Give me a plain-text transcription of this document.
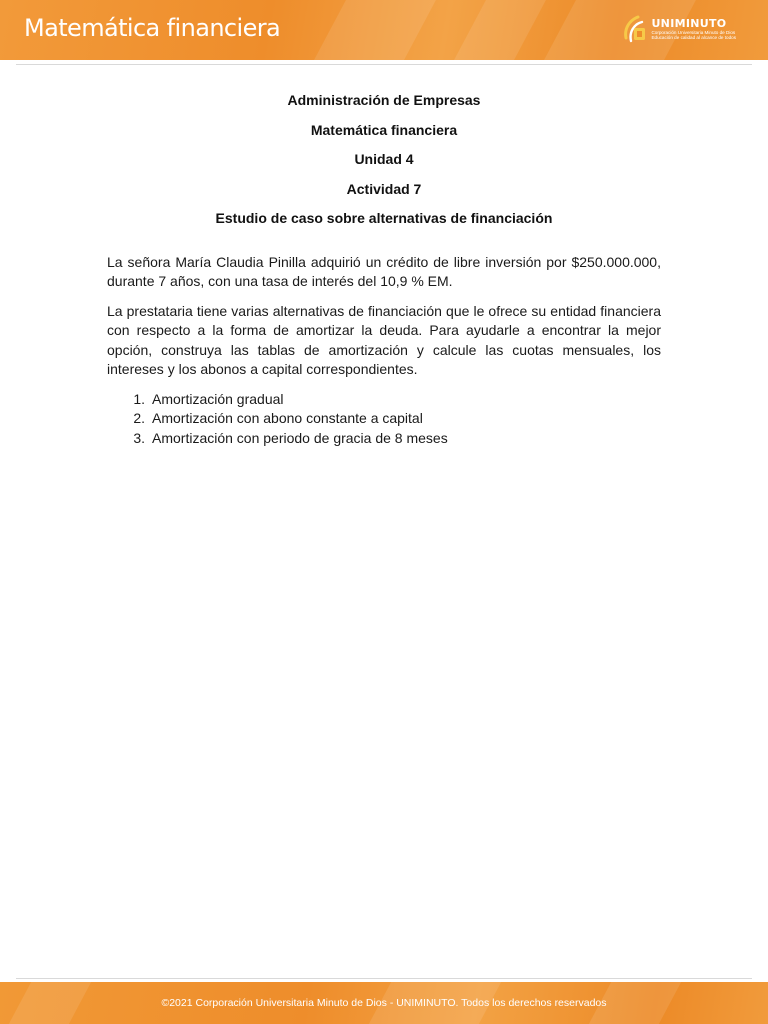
Matemática financiera	UNIMINUTO
Corporación Universitaria Minuto de Dios
Educación de calidad al alcance de todos
Administración de Empresas
Matemática financiera
Unidad 4
Actividad 7
Estudio de caso sobre alternativas de financiación

La señora María Claudia Pinilla adquirió un crédito de libre inversión por $250.000.000, durante 7 años, con una tasa de interés del 10,9 % EM.

La prestataria tiene varias alternativas de financiación que le ofrece su entidad financiera con respecto a la forma de amortizar la deuda. Para ayudarle a encontrar la mejor opción, construya las tablas de amortización y calcule las cuotas mensuales, los intereses y los abonos a capital correspondientes.

1. Amortización gradual
2. Amortización con abono constante a capital
3. Amortización con periodo de gracia de 8 meses
©2021 Corporación Universitaria Minuto de Dios - UNIMINUTO. Todos los derechos reservados
